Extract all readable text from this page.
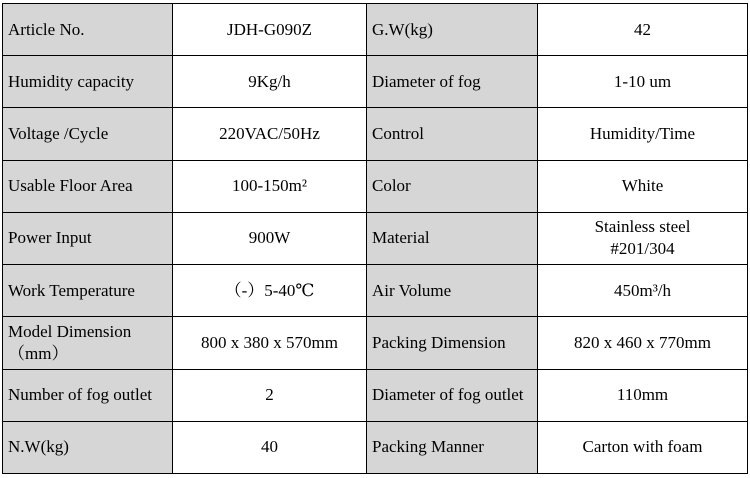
Article No.	JDH-G090Z	G.W(kg)	42
Humidity capacity	9Kg/h	Diameter of fog	1-10 um
Voltage /Cycle	220VAC/50Hz	Control	Humidity/Time
Usable Floor Area	100-150m²	Color	White
Power Input	900W	Material	Stainless steel
#201/304

Work Temperature	（-）5-40℃	Air Volume	450m³/h

Model Dimension
（mm）	800 x 380 x 570mm	Packing Dimension	820 x 460 x 770mm
Number of fog outlet	2	Diameter of fog outlet	110mm
N.W(kg)	40	Packing Manner	Carton with foam
